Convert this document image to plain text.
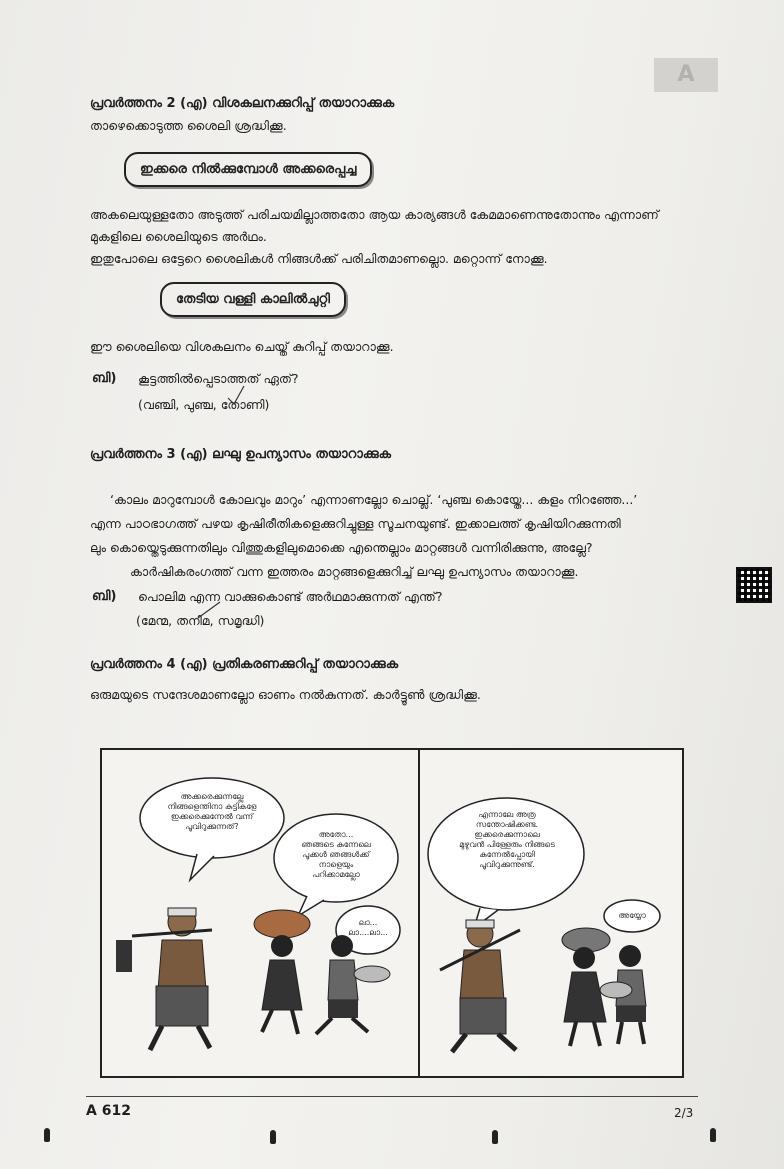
A
പ്രവർത്തനം 2 (എ) വിശകലനക്കുറിപ്പ് തയാറാക്കുക
താഴെക്കൊടുത്ത ശൈലി ശ്രദ്ധിക്കൂ.
ഇക്കരെ നിൽക്കുമ്പോൾ അക്കരെപ്പച്ച
അകലെയുള്ളതോ അടുത്ത് പരിചയമില്ലാത്തതോ ആയ കാര്യങ്ങൾ കേമമാണെന്നുതോന്നും എന്നാണ്
മുകളിലെ ശൈലിയുടെ അർഥം.
ഇതുപോലെ ഒട്ടേറെ ശൈലികൾ നിങ്ങൾക്ക് പരിചിതമാണല്ലൊ. മറ്റൊന്ന് നോക്കൂ.
തേടിയ വള്ളി കാലിൽചുറ്റി
ഈ ശൈലിയെ വിശകലനം ചെയ്ത് കുറിപ്പ് തയാറാക്കൂ.
ബി) കൂട്ടത്തിൽപ്പെടാത്തത് ഏത്?
(വഞ്ചി, പുഞ്ച, തോണി)
പ്രവർത്തനം 3 (എ) ലഘു ഉപന്യാസം തയാറാക്കുക
‘കാലം മാറുമ്പോൾ കോലവും മാറും’ എന്നാണല്ലോ ചൊല്ല്. ‘പുഞ്ച കൊയ്തേ... കളം നിറഞ്ഞേ...’
എന്ന പാഠഭാഗത്ത് പഴയ കൃഷിരീതികളെക്കുറിച്ചുള്ള സൂചനയുണ്ട്. ഇക്കാലത്ത് കൃഷിയിറക്കുന്നതി
ലും കൊയ്തെടുക്കുന്നതിലും വിത്തുകളിലുമൊക്കെ എന്തെല്ലാം മാറ്റങ്ങൾ വന്നിരിക്കുന്നു, അല്ലേ?
കാർഷികരംഗത്ത് വന്ന ഇത്തരം മാറ്റങ്ങളെക്കുറിച്ച് ലഘു ഉപന്യാസം തയാറാക്കൂ.
ബി) പൊലിമ എന്ന വാക്കുകൊണ്ട് അർഥമാക്കുന്നത് എന്ത്?
(മേന്മ, തനിമ, സമൃദ്ധി)
പ്രവർത്തനം 4 (എ) പ്രതികരണക്കുറിപ്പ് തയാറാക്കുക
ഒരുമയുടെ സന്ദേശമാണല്ലോ ഓണം നൽകുന്നത്. കാർട്ടൂൺ ശ്രദ്ധിക്കൂ.
അക്കരെക്കുന്നല്ലേ
നിങ്ങളെന്തിനാ കുട്ടികളേ
ഇക്കരെക്കുന്നേൽ വന്ന്
പൂവിറുക്കുന്നത്?
അതോ...
ഞങ്ങടെ കുന്നേലെ
പൂക്കൾ ഞങ്ങൾക്ക്
നാളെയും
പറിക്കാമല്ലോ
ലാ...
ലാ....ലാ...
എന്നാലേ അത്ര
സന്തോഷിക്കണ്ട.
ഇക്കരെക്കുന്നാലെ
മുഴുവൻ പിള്ളേരും നിങ്ങടെ
കുന്നേൽപ്പോയി
പൂവിറുക്കുന്നുണ്ട്.
അയ്യോ
A 612	2/3
